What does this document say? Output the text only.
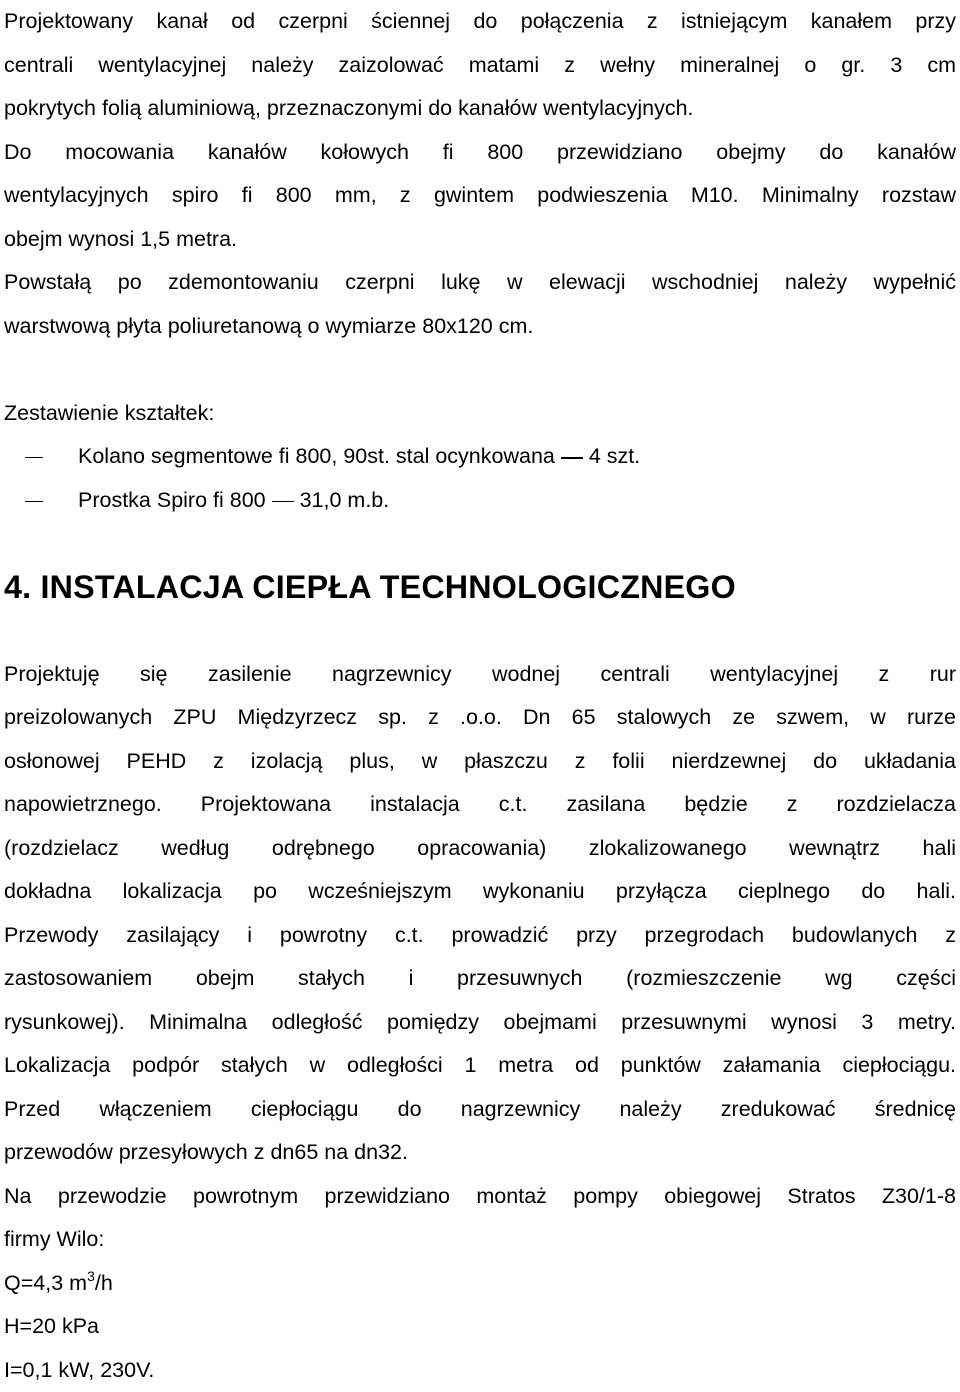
Projektowany kanał od czerpni ściennej do połączenia z istniejącym kanałem przy
centrali wentylacyjnej należy zaizolować matami z wełny mineralnej o gr. 3 cm
pokrytych folią aluminiową, przeznaczonymi do kanałów wentylacyjnych.

Do mocowania kanałów kołowych fi 800 przewidziano obejmy do kanałów
wentylacyjnych spiro fi 800 mm, z gwintem podwieszenia M10. Minimalny rozstaw
obejm wynosi 1,5 metra.

Powstałą po zdemontowaniu czerpni lukę w elewacji wschodniej należy wypełnić
warstwową płyta poliuretanową o wymiarze 80x120 cm.

Zestawienie kształtek:

Kolano segmentowe fi 800, 90st. stal ocynkowana 4 szt.
Prostka Spiro fi 800 31,0 m.b.
4. INSTALACJA CIEPŁA TECHNOLOGICZNEGO

Projektuję się zasilenie nagrzewnicy wodnej centrali wentylacyjnej z rur
preizolowanych ZPU Międzyrzecz sp. z .o.o. Dn 65 stalowych ze szwem, w rurze
osłonowej PEHD z izolacją plus, w płaszczu z folii nierdzewnej do układania
napowietrznego. Projektowana instalacja c.t. zasilana będzie z rozdzielacza
(rozdzielacz według odrębnego opracowania) zlokalizowanego wewnątrz hali
dokładna lokalizacja po wcześniejszym wykonaniu przyłącza cieplnego do hali.
Przewody zasilający i powrotny c.t. prowadzić przy przegrodach budowlanych z
zastosowaniem obejm stałych i przesuwnych (rozmieszczenie wg części
rysunkowej). Minimalna odległość pomiędzy obejmami przesuwnymi wynosi 3 metry.
Lokalizacja podpór stałych w odległości 1 metra od punktów załamania ciepłociągu.
Przed włączeniem ciepłociągu do nagrzewnicy należy zredukować średnicę
przewodów przesyłowych z dn65 na dn32.

Na przewodzie powrotnym przewidziano montaż pompy obiegowej Stratos Z30/1-8
firmy Wilo:
Q=4,3 $m^3/h$
H=20 kPa
I=0,1 kW, 230V.
